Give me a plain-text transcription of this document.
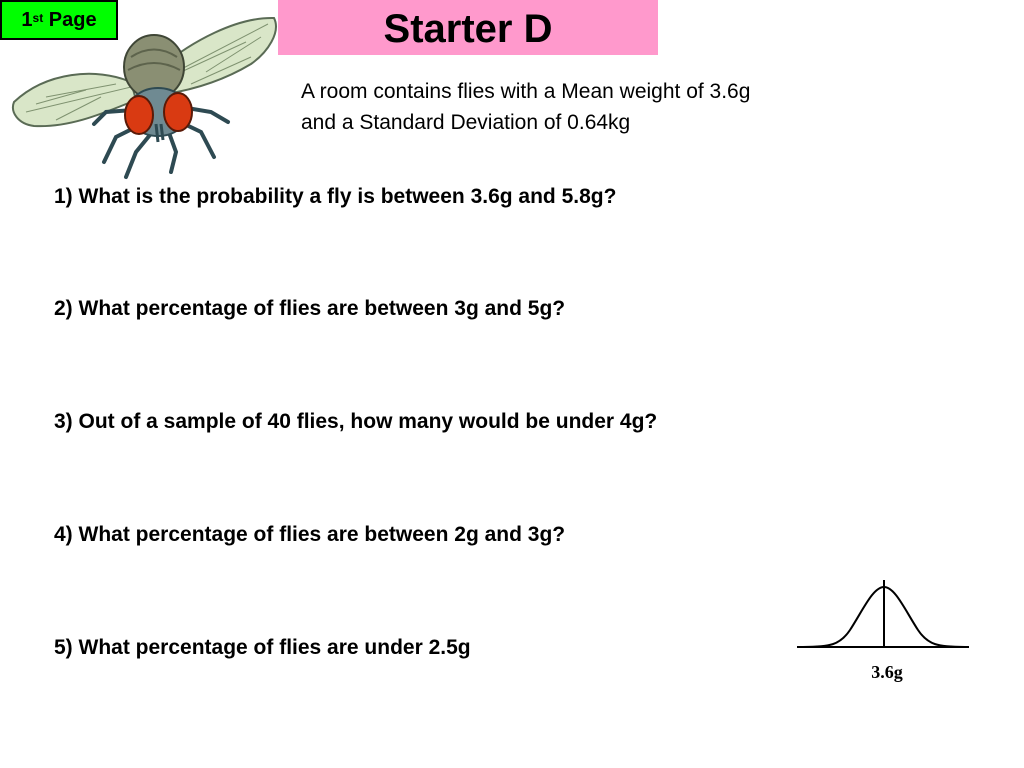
1st Page	Starter D
A room contains flies with a Mean weight of 3.6g
and a Standard Deviation of 0.64kg
1) What is the probability a fly is between 3.6g and 5.8g?
2) What percentage of flies are between 3g and 5g?
3) Out of a sample of 40 flies, how many would be under 4g?
4) What percentage of flies are between 2g and 3g?
5) What percentage of flies are under 2.5g
3.6g
